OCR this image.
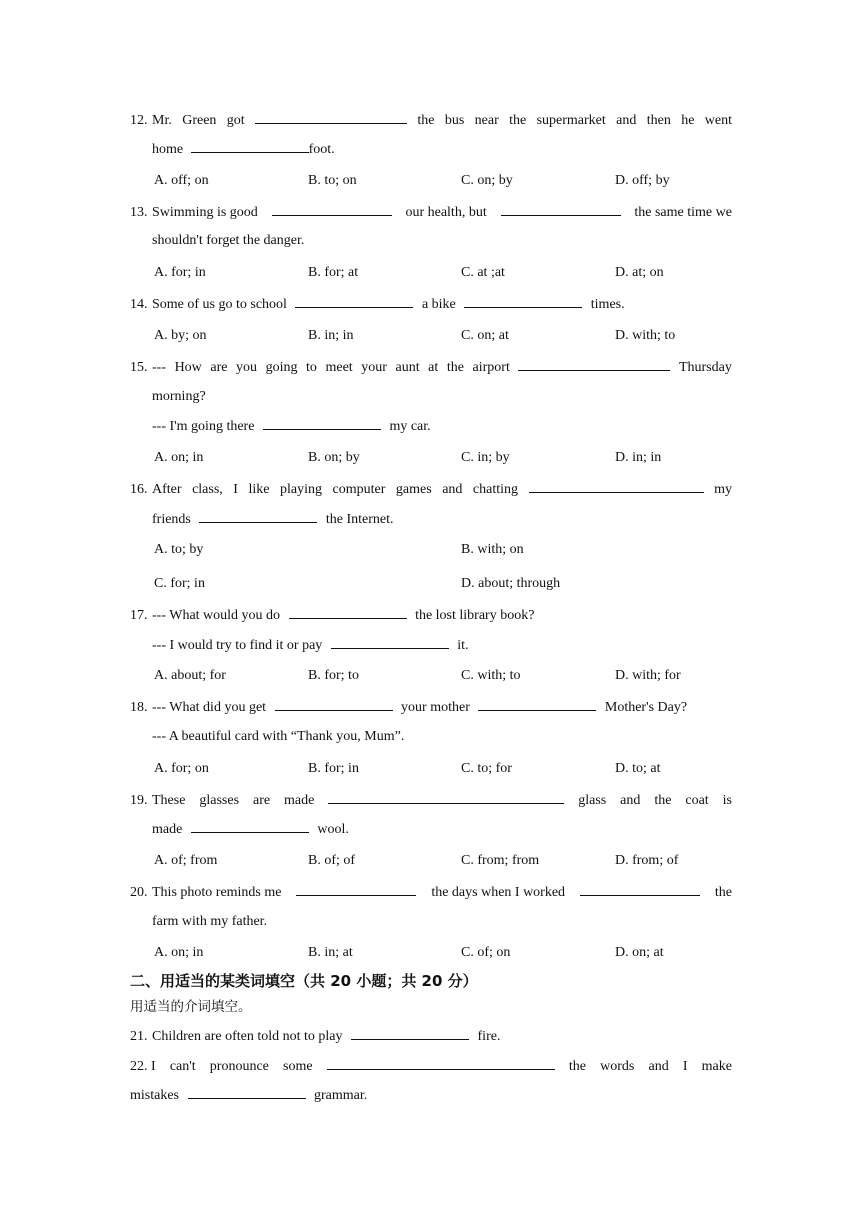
12. Mr. Green got	the bus near the supermarket and then he went
home	foot.
A. off; on	B. to; on	C. on; by	D. off; by
13. Swimming is good	our health, but	the same time we
shouldn't forget the danger.
A. for; in	B. for; at	C. at ;at	D. at; on
14. Some of us go to school	a bike	times.
A. by; on	B. in; in	C. on; at	D. with; to
15. --- How are you going to meet your aunt at the airport	Thursday
morning?
--- I'm going there	my car.
A. on; in	B. on; by	C. in; by	D. in; in
16. After class, I like playing computer games and chatting	my
friends	the Internet.
A. to; by	B. with; on
C. for; in	D. about; through
17. --- What would you do	the lost library book?
--- I would try to find it or pay	it.
A. about; for	B. for; to	C. with; to	D. with; for
18. --- What did you get	your mother	Mother's Day?
--- A beautiful card with “Thank you, Mum”.
A. for; on	B. for; in	C. to; for	D. to; at
19. These glasses are made	glass and the coat is
made	wool.
A. of; from	B. of; of	C. from; from	D. from; of
20. This photo reminds me	the days when I worked	the
farm with my father.
A. on; in	B. in; at	C. of; on	D. on; at
二、用适当的某类词填空（共 20 小题；共 20 分）
用适当的介词填空。
21. Children are often told not to play	fire.
22. I can't pronounce some	the words and I make
mistakes	grammar.
